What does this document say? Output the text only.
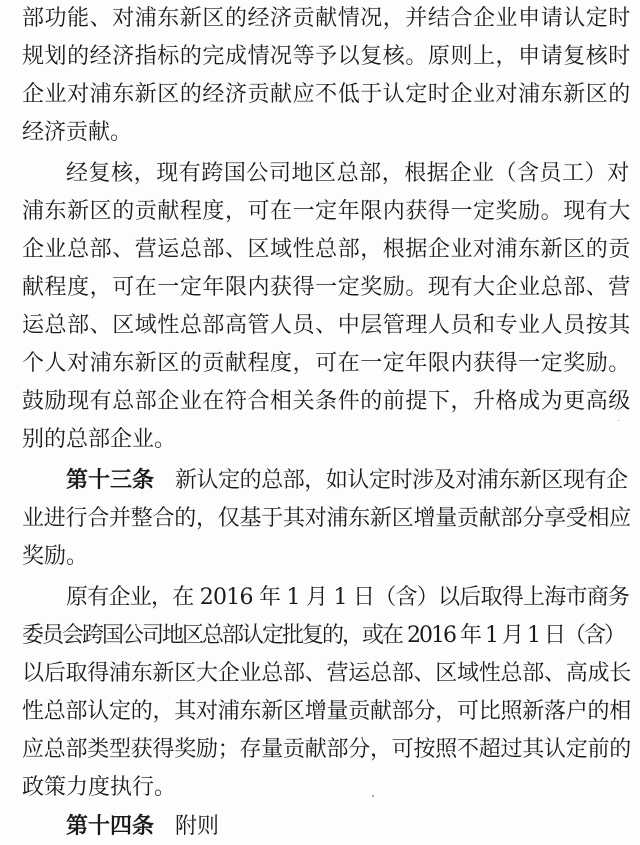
部功能、对浦东新区的经济贡献情况，并结合企业申请认定时
规划的经济指标的完成情况等予以复核。原则上，申请复核时
企业对浦东新区的经济贡献应不低于认定时企业对浦东新区的
经济贡献。
经复核，现有跨国公司地区总部，根据企业（含员工）对
浦东新区的贡献程度，可在一定年限内获得一定奖励。现有大
企业总部、营运总部、区域性总部，根据企业对浦东新区的贡
献程度，可在一定年限内获得一定奖励。现有大企业总部、营
运总部、区域性总部高管人员、中层管理人员和专业人员按其
个人对浦东新区的贡献程度，可在一定年限内获得一定奖励。
鼓励现有总部企业在符合相关条件的前提下，升格成为更高级
别的总部企业。
第十三条 新认定的总部，如认定时涉及对浦东新区现有企
业进行合并整合的，仅基于其对浦东新区增量贡献部分享受相应
奖励。
原有企业，在 2016 年 1 月 1 日（含）以后取得上海市商务
委员会跨国公司地区总部认定批复的，或在 2016 年 1 月 1 日（含）
以后取得浦东新区大企业总部、营运总部、区域性总部、高成长
性总部认定的，其对浦东新区增量贡献部分，可比照新落户的相
应总部类型获得奖励；存量贡献部分，可按照不超过其认定前的
政策力度执行。
第十四条 附则
